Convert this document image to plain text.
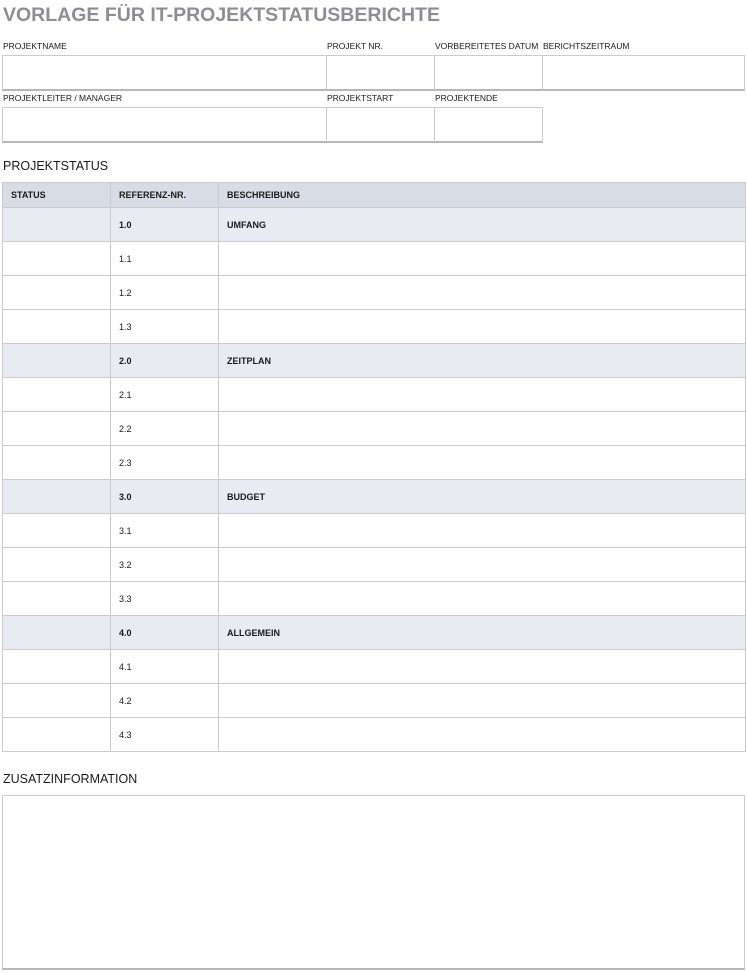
VORLAGE FÜR IT-PROJEKTSTATUSBERICHTE
PROJEKTNAME	PROJEKT NR.	VORBEREITETES DATUM BERICHTSZEITRAUM
PROJEKTLEITER / MANAGER	PROJEKTSTART	PROJEKTENDE
PROJEKTSTATUS
STATUS	REFERENZ-NR.	BESCHREIBUNG
	1.0	UMFANG
	1.1	
	1.2	
	1.3	
	2.0	ZEITPLAN
	2.1	
	2.2	
	2.3	
	3.0	BUDGET
	3.1	
	3.2	
	3.3	
	4.0	ALLGEMEIN
	4.1	
	4.2	
	4.3	
ZUSATZINFORMATION
